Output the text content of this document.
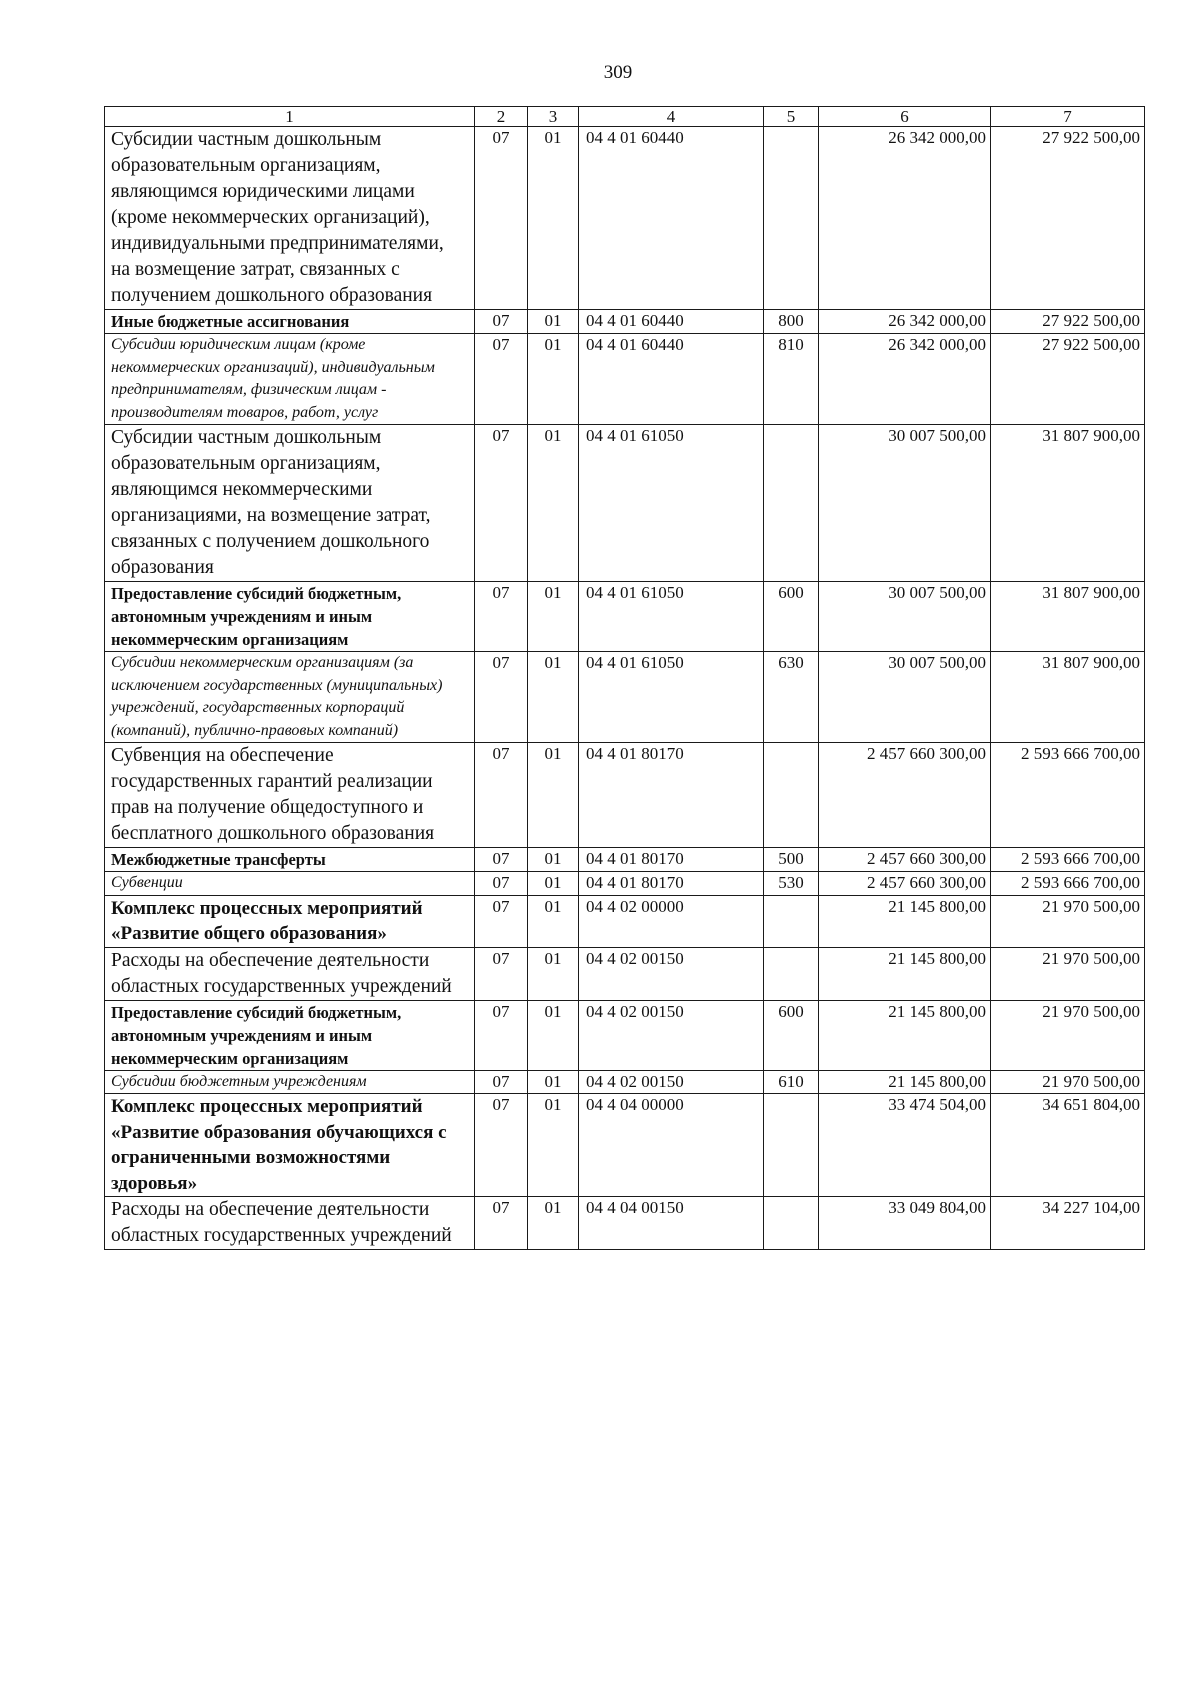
309
1	2	3	4	5	6	7
Субсидии частным дошкольным образовательным организациям, являющимся юридическими лицами (кроме некоммерческих организаций), индивидуальными предпринимателями, на возмещение затрат, связанных с получением дошкольного образования	07	01	04 4 01 60440		26 342 000,00	27 922 500,00
Иные бюджетные ассигнования	07	01	04 4 01 60440	800	26 342 000,00	27 922 500,00
Субсидии юридическим лицам (кроме некоммерческих организаций), индивидуальным предпринимателям, физическим лицам - производителям товаров, работ, услуг	07	01	04 4 01 60440	810	26 342 000,00	27 922 500,00
Субсидии частным дошкольным образовательным организациям, являющимся некоммерческими организациями, на возмещение затрат, связанных с получением дошкольного образования	07	01	04 4 01 61050		30 007 500,00	31 807 900,00
Предоставление субсидий бюджетным, автономным учреждениям и иным некоммерческим организациям	07	01	04 4 01 61050	600	30 007 500,00	31 807 900,00
Субсидии некоммерческим организациям (за исключением государственных (муниципальных) учреждений, государственных корпораций (компаний), публично-правовых компаний)	07	01	04 4 01 61050	630	30 007 500,00	31 807 900,00
Субвенция на обеспечение государственных гарантий реализации прав на получение общедоступного и бесплатного дошкольного образования	07	01	04 4 01 80170		2 457 660 300,00	2 593 666 700,00
Межбюджетные трансферты	07	01	04 4 01 80170	500	2 457 660 300,00	2 593 666 700,00
Субвенции	07	01	04 4 01 80170	530	2 457 660 300,00	2 593 666 700,00
Комплекс процессных мероприятий «Развитие общего образования»	07	01	04 4 02 00000		21 145 800,00	21 970 500,00
Расходы на обеспечение деятельности областных государственных учреждений	07	01	04 4 02 00150		21 145 800,00	21 970 500,00
Предоставление субсидий бюджетным, автономным учреждениям и иным некоммерческим организациям	07	01	04 4 02 00150	600	21 145 800,00	21 970 500,00
Субсидии бюджетным учреждениям	07	01	04 4 02 00150	610	21 145 800,00	21 970 500,00
Комплекс процессных мероприятий «Развитие образования обучающихся с ограниченными возможностями здоровья»	07	01	04 4 04 00000		33 474 504,00	34 651 804,00
Расходы на обеспечение деятельности областных государственных учреждений	07	01	04 4 04 00150		33 049 804,00	34 227 104,00
